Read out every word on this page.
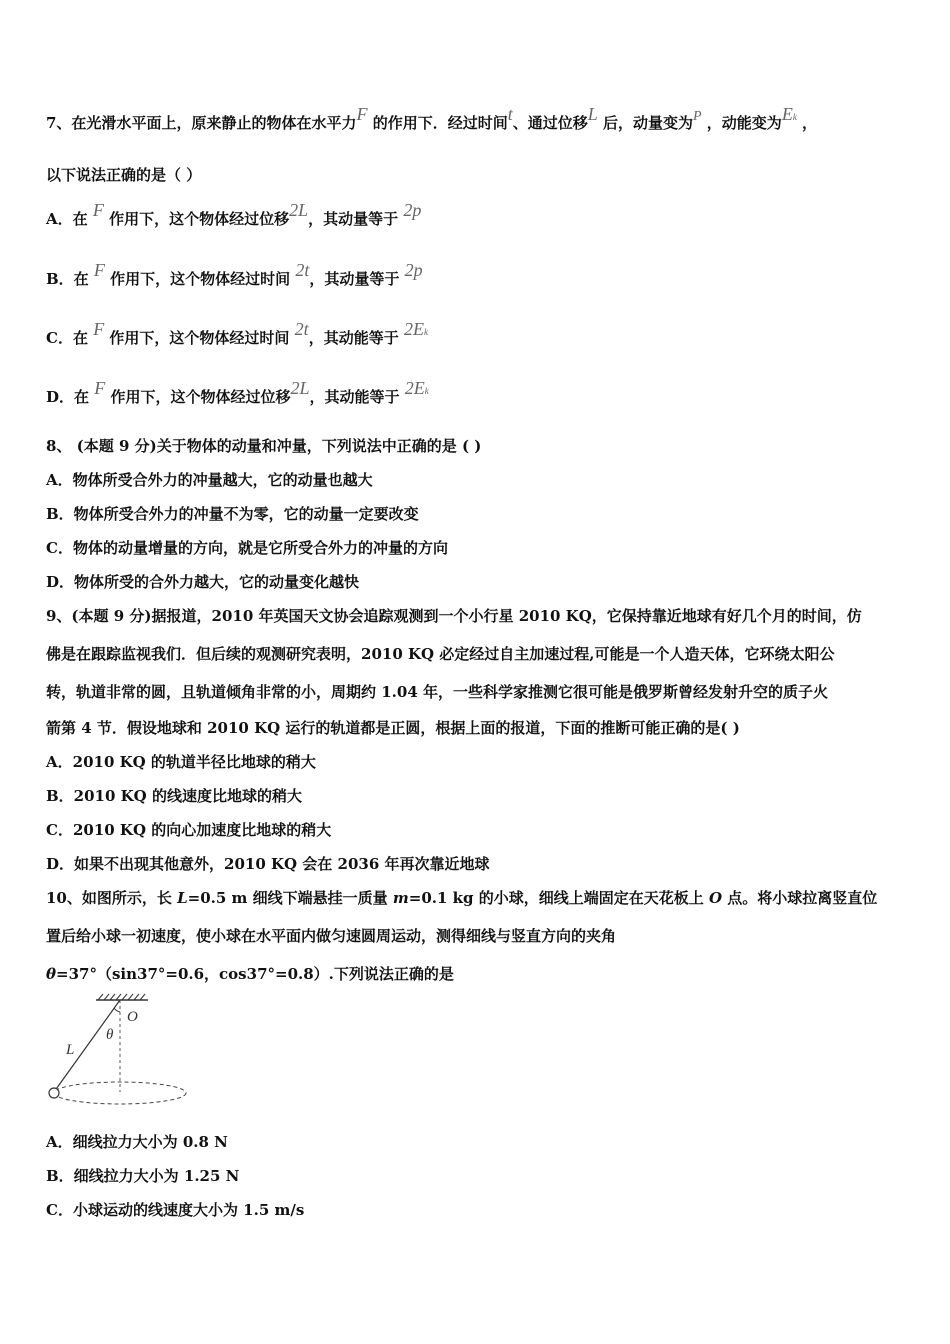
7、在光滑水平面上，原来静止的物体在水平力F 的作用下．经过时间t、通过位移L 后，动量变为P ，动能变为Ek ，
以下说法正确的是（ ）
A．在 F 作用下，这个物体经过位移2L，其动量等于 2p
B．在 F 作用下，这个物体经过时间 2t，其动量等于 2p
C．在 F 作用下，这个物体经过时间 2t，其动能等于 2Ek
D．在 F 作用下，这个物体经过位移2L，其动能等于 2Ek
8、 (本题 9 分)关于物体的动量和冲量，下列说法中正确的是 ( )
A．物体所受合外力的冲量越大，它的动量也越大
B．物体所受合外力的冲量不为零，它的动量一定要改变
C．物体的动量增量的方向，就是它所受合外力的冲量的方向
D．物体所受的合外力越大，它的动量变化越快
9、(本题 9 分)据报道，2010 年英国天文协会追踪观测到一个小行星 2010 KQ，它保持靠近地球有好几个月的时间，仿
佛是在跟踪监视我们．但后续的观测研究表明，2010 KQ 必定经过自主加速过程,可能是一个人造天体，它环绕太阳公
转，轨道非常的圆，且轨道倾角非常的小，周期约 1.04 年，一些科学家推测它很可能是俄罗斯曾经发射升空的质子火
箭第 4 节．假设地球和 2010 KQ 运行的轨道都是正圆，根据上面的报道，下面的推断可能正确的是( )
A．2010 KQ 的轨道半径比地球的稍大
B．2010 KQ 的线速度比地球的稍大
C．2010 KQ 的向心加速度比地球的稍大
D．如果不出现其他意外，2010 KQ 会在 2036 年再次靠近地球
10、如图所示，长 L=0.5 m 细线下端悬挂一质量 m=0.1 kg 的小球，细线上端固定在天花板上 O 点。将小球拉离竖直位
置后给小球一初速度，使小球在水平面内做匀速圆周运动，测得细线与竖直方向的夹角
θ=37°（sin37°=0.6，cos37°=0.8）.下列说法正确的是
O
θ
L
A．细线拉力大小为 0.8 N
B．细线拉力大小为 1.25 N
C．小球运动的线速度大小为 1.5 m/s
